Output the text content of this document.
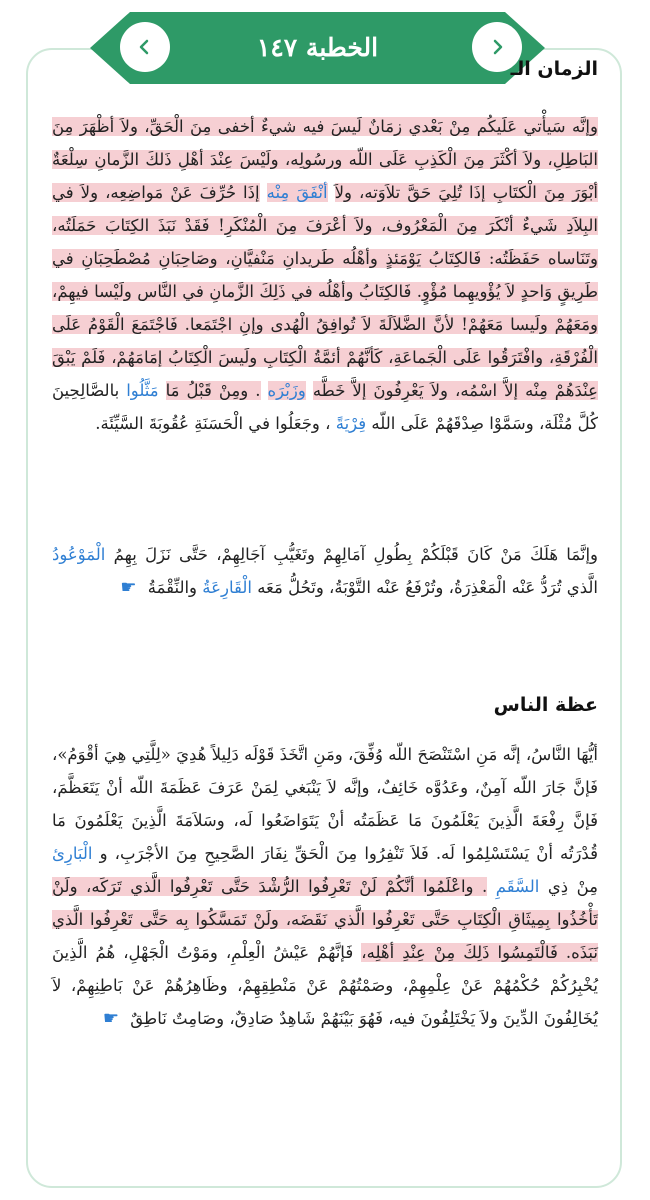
الخطبة ١٤٧
الزمان الـ

وإنَّه سَيأْتي عَلَيكُم مِنْ بَعْدي زمَانٌ لَيسَ فيه شيءٌ أخفى مِنَ الْحَقِّ، ولاَ أظْهَرَ مِنَ البَاطِلِ، ولاَ أكْثَرَ مِنَ الْكَذِبِ عَلَى اللّه ورسُولِه، ولَيْسَ عِنْدَ أهْلِ ذَلكَ الزَّمانِ سِلْعَةٌ أبْوَرَ مِنَ الْكتَابِ إذَا تُلِيَ حَقَّ تلاَوَته، ولاَ أنْفَقَ مِنْه إذَا حُرِّفَ عَنْ مَواضِعِه، ولاَ في البِلاَدِ شَيءٌ أنْكَرَ مِنَ الْمَعْرُوف، ولاَ أعْرَفَ مِنَ الْمُنْكَرِ! فَقَدْ نَبَذَ الكِتَابَ حَمَلَتُه، وتَنَاساه حَفَظَتُه: فَالكِتَابُ يَوْمَئذٍ وأهْلُه طَريدانِ مَنْفيَّانِ، وصَاحِبَانِ مُصْطَحِبَانِ في طَرِيقٍ وَاحدٍ لاَ يُؤْويهِما مُؤْوٍ. فَالكِتَابُ وأهْلُه في ذَلِكَ الزَّمانِ في النَّاس ولَيْسا فيهِمْ، ومَعَهُمْ ولَيسا مَعَهُمْ! لأنَّ الضَّلاَلَةَ لاَ تُوافِقُ الْهُدى وإنِ اجْتَمَعا. فَاجْتَمَعَ الْقَوْمُ عَلَى الْفُرْقَةِ، وافْتَرَقُوا عَلَى الْجَماعَةِ، كَأنَّهُمْ أئمَّةُ الْكِتَابِ ولَيسَ الْكِتَابُ إمَامَهُمْ، فَلَمْ يَبْقَ عِنْدَهُمْ مِنْه إلاَّ اسْمُه، ولاَ يَعْرِفُونَ إلاَّ خَطَّه وزَبْرَه . ومِنْ قَبْلُ مَا مَثَّلُوا بالصَّالِحِينَ كُلَّ مُثْلَة، وسَمَّوْا صِدْقَهُمْ عَلَى اللّه فِرْيَةً ، وجَعَلُوا في الْحَسَنَةِ عُقُوبَةَ السَّيِّئَة.

وإنَّمَا هَلَكَ مَنْ كَانَ قَبْلَكُمْ بِطُولِ آمَالِهِمْ وتَغَيُّبِ آجَالِهِمْ، حَتَّى نَزَلَ بِهِمُ الْمَوْعُودُ الَّذي تُرَدُّ عَنْه الْمَعْذِرَةُ، وتُرْفَعُ عَنْه التَّوْبَةُ، وتَحُلُّ مَعَه الْقَارِعَةُ والنِّقْمَةُ ☛

عظة الناس

أيُّهَا النَّاسُ، إنَّه مَنِ اسْتَنْصَحَ اللّه وُفِّقَ، ومَنِ اتَّخَذَ قَوْلَه دَلِيلاً هُدِيَ «لِلَّتِي هِيَ أقْوَمُ»، فَإنَّ جَارَ اللّه آمِنٌ، وعَدُوَّه خَائِفٌ، وإنَّه لاَ يَنْبَغي لِمَنْ عَرَفَ عَظَمَةَ اللّه أنْ يَتَعَظَّمَ، فَإنَّ رِفْعَةَ الَّذِينَ يَعْلَمُونَ مَا عَظَمَتُه أنْ يَتَوَاضَعُوا لَه، وسَلاَمَةَ الَّذِينَ يَعْلَمُونَ مَا قُدْرَتُه أنْ يَسْتَسْلِمُوا لَه. فَلاَ تَنْفِرُوا مِنَ الْحَقِّ نِفَارَ الصَّحِيحِ مِنَ الأجْرَبِ، و الْبَارِئ مِنْ ذِي السَّقَمِ . واعْلَمُوا أنَّكُمْ لَنْ تَعْرِفُوا الرُّشْدَ حَتَّى تَعْرِفُوا الَّذي تَرَكَه، ولَنْ تَأْخُذُوا بِمِيثَاقِ الْكِتَابِ حَتَّى تَعْرِفُوا الَّذي نَقَضَه، ولَنْ تَمَسَّكُوا بِه حَتَّى تَعْرِفُوا الَّذي نَبَذَه. فَالْتَمِسُوا ذَلِكَ مِنْ عِنْدِ أهْلِه، فَإنَّهُمْ عَيْشُ الْعِلْمِ، ومَوْتُ الْجَهْلِ، هُمُ الَّذِينَ يُخْبِرُكُمْ حُكْمُهُمْ عَنْ عِلْمِهِمْ، وصَمْتُهُمْ عَنْ مَنْطِقِهِمْ، وظَاهِرُهُمْ عَنْ بَاطِنِهِمْ، لاَ يُخَالِفُونَ الدِّينَ ولاَ يَخْتَلِفُونَ فيه، فَهُوَ بَيْنَهُمْ شَاهِدٌ صَادِقٌ، وصَامِتٌ نَاطِقٌ ☛
